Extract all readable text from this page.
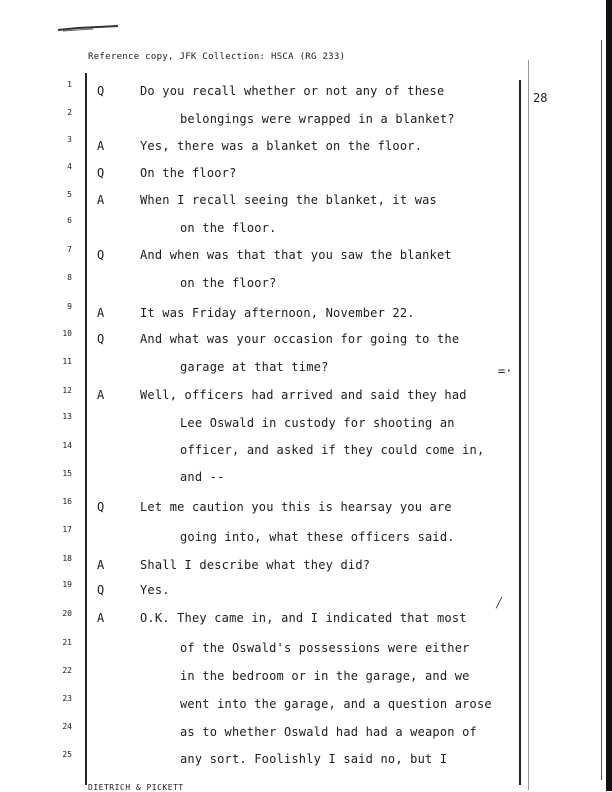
Reference copy, JFK Collection: HSCA (RG 233)
28
1 Q	Do you recall whether or not any of these
2	belongings were wrapped in a blanket?
3 A	Yes, there was a blanket on the floor.
4 Q	On the floor?
5 A	When I recall seeing the blanket, it was
6
on the floor.
7 Q	And when was that that you saw the blanket
8	on the floor?
9 A	It was Friday afternoon, November 22.
10 Q	And what was your occasion for going to the
11	garage at that time?
12 A	Well, officers had arrived and said they had
13	Lee Oswald in custody for shooting an
14	officer, and asked if they could come in,
15	and --
16 Q	Let me caution you this is hearsay you are
17
going into, what these officers said.
18 A	Shall I describe what they did?
19 Q	Yes.
20 A	O.K. They came in, and I indicated that most
21	of the Oswald's possessions were either
22	in the bedroom or in the garage, and we
23	went into the garage, and a question arose
24	as to whether Oswald had had a weapon of
25	any sort. Foolishly I said no, but I
=·
╱
DIETRICH & PICKETT
